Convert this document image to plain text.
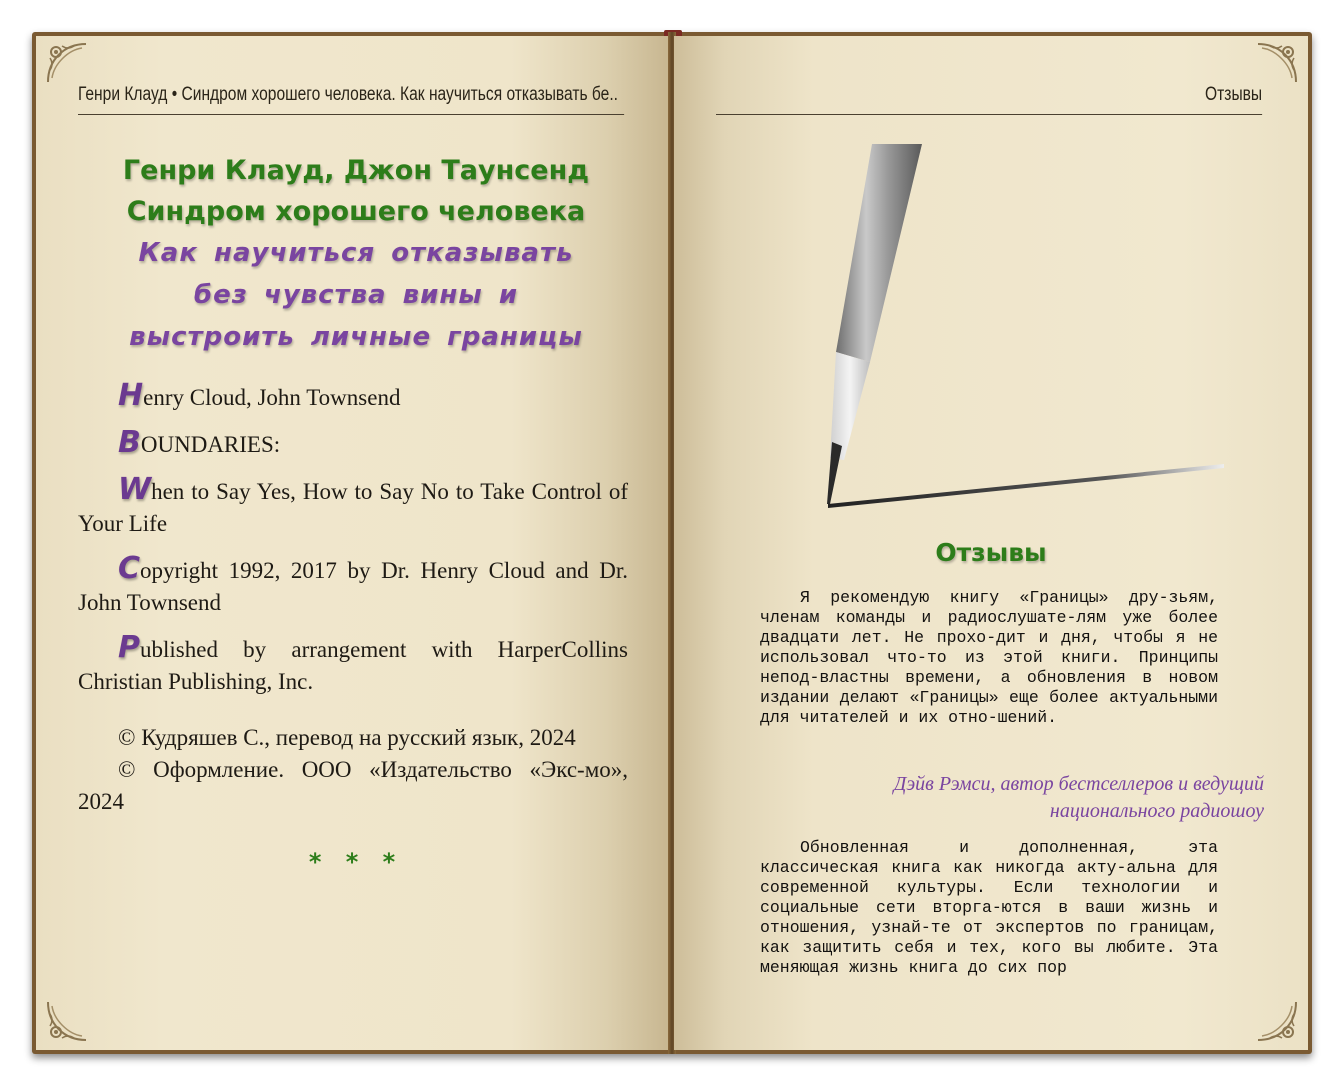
Генри Клауд • Синдром хорошего человека. Как научиться отказывать бе..
Генри Клауд, Джон Таунсенд
Синдром хорошего человека
Как научиться отказывать
без чувства вины и
выстроить личные границы

Henry Cloud, John Townsend

BOUNDARIES:

When to Say Yes, How to Say No to Take Control of Your Life

Copyright 1992, 2017 by Dr. Henry Cloud and Dr. John Townsend

Published by arrangement with HarperCollins Christian Publishing, Inc.

© Кудряшев С., перевод на русский язык, 2024

© Оформление. ООО «Издательство «Экс-мо», 2024

* * *
Отзывы
Отзывы
Я рекомендую книгу «Границы» дру-зьям, членам команды и радиослушате-лям уже более двадцати лет. Не прохо-дит и дня, чтобы я не использовал что-то из этой книги. Принципы непод-властны времени, а обновления в новом издании делают «Границы» еще более актуальными для читателей и их отно-шений.
Дэйв Рэмси, автор бестселлеров и ведущий
национального радиошоу
Обновленная и дополненная, эта классическая книга как никогда акту-альна для современной культуры. Если технологии и социальные сети вторга-ются в ваши жизнь и отношения, узнай-те от экспертов по границам, как защитить себя и тех, кого вы любите. Эта меняющая жизнь книга до сих пор
